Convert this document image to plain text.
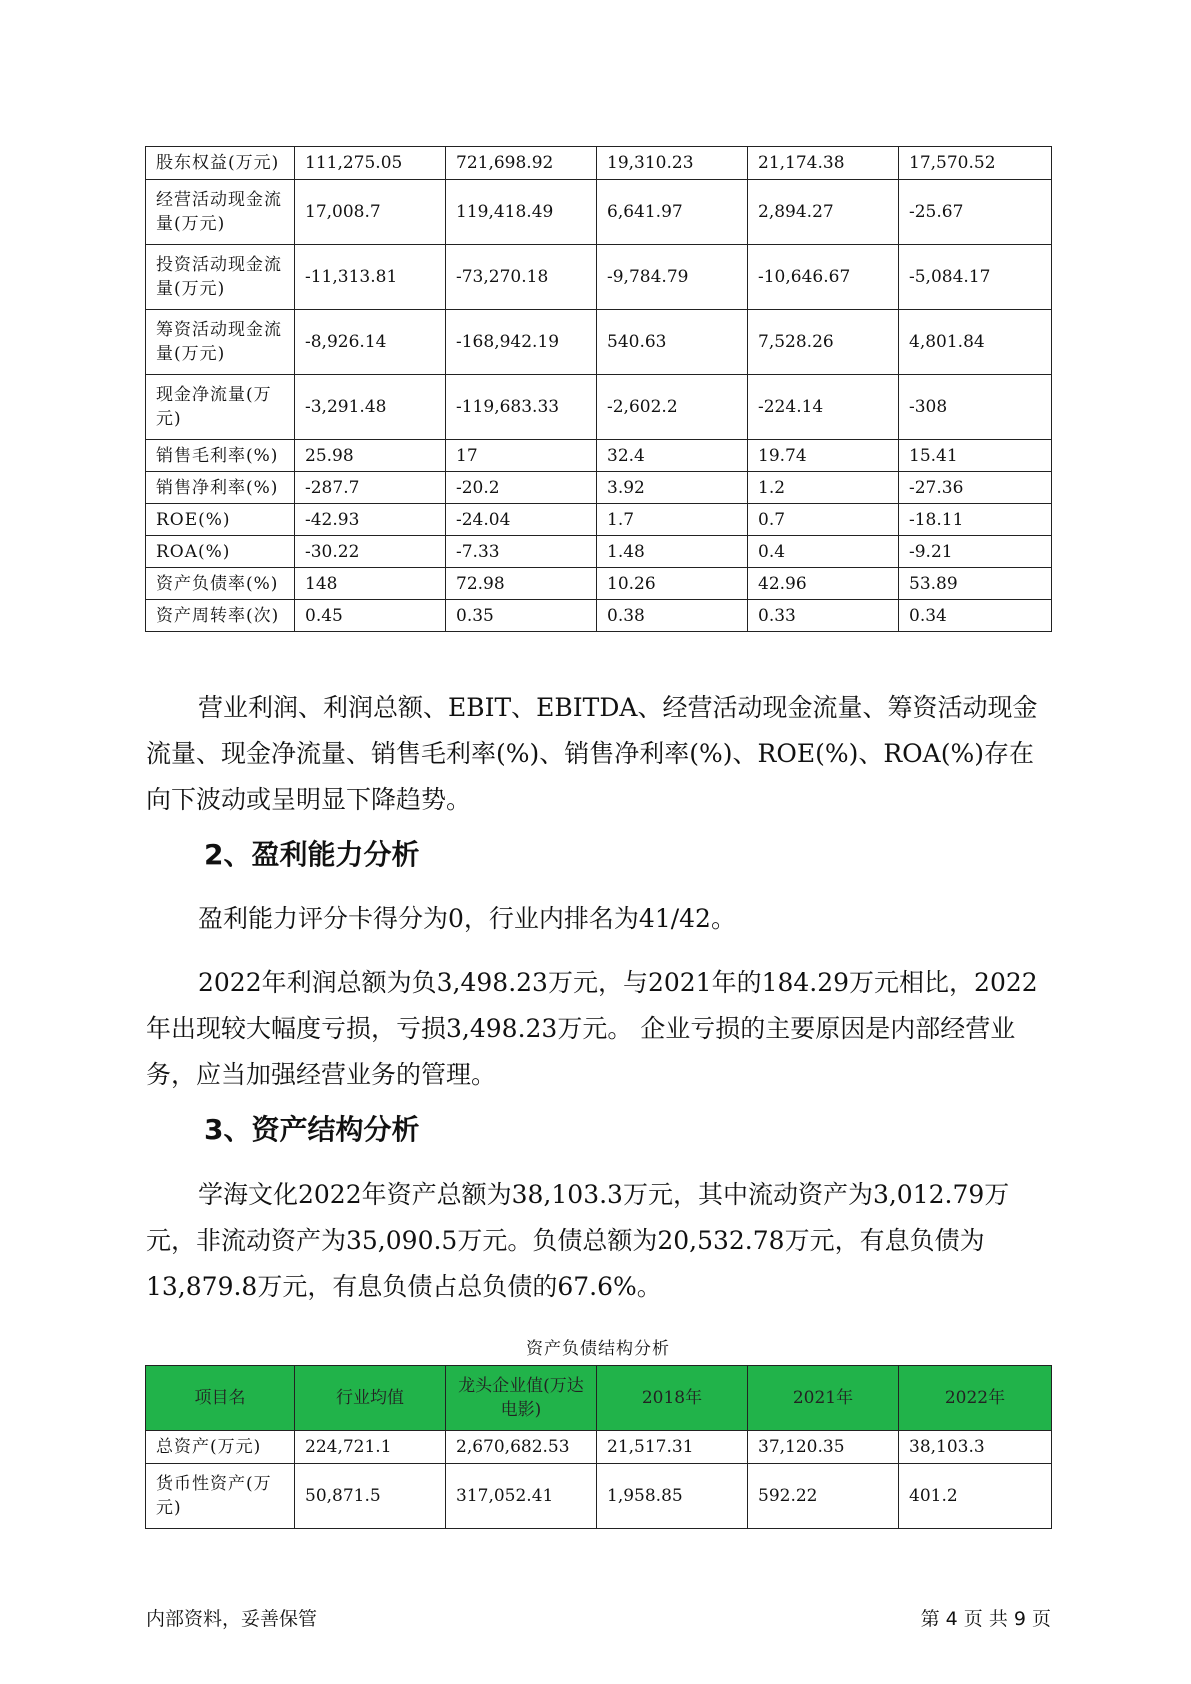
股东权益(万元)	111,275.05	721,698.92	19,310.23	21,174.38	17,570.52
经营活动现金流量(万元)	17,008.7	119,418.49	6,641.97	2,894.27	-25.67
投资活动现金流量(万元)	-11,313.81	-73,270.18	-9,784.79	-10,646.67	-5,084.17
筹资活动现金流量(万元)	-8,926.14	-168,942.19	540.63	7,528.26	4,801.84
现金净流量(万元)	-3,291.48	-119,683.33	-2,602.2	-224.14	-308
销售毛利率(%)	25.98	17	32.4	19.74	15.41
销售净利率(%)	-287.7	-20.2	3.92	1.2	-27.36
ROE(%)	-42.93	-24.04	1.7	0.7	-18.11
ROA(%)	-30.22	-7.33	1.48	0.4	-9.21
资产负债率(%)	148	72.98	10.26	42.96	53.89
资产周转率(次)	0.45	0.35	0.38	0.33	0.34

营业利润、利润总额、EBIT、EBITDA、经营活动现金流量、筹资活动现金流量、现金净流量、销售毛利率(%)、销售净利率(%)、ROE(%)、ROA(%)存在向下波动或呈明显下降趋势。

2、盈利能力分析

盈利能力评分卡得分为0，行业内排名为41/42。

2022年利润总额为负3,498.23万元，与2021年的184.29万元相比，2022年出现较大幅度亏损，亏损3,498.23万元。 企业亏损的主要原因是内部经营业务，应当加强经营业务的管理。

3、资产结构分析

学海文化2022年资产总额为38,103.3万元，其中流动资产为3,012.79万元，非流动资产为35,090.5万元。负债总额为20,532.78万元，有息负债为13,879.8万元，有息负债占总负债的67.6%。

资产负债结构分析
项目名	行业均值	龙头企业值(万达电影)	2018年	2021年	2022年
总资产(万元)	224,721.1	2,670,682.53	21,517.31	37,120.35	38,103.3
货币性资产(万元)	50,871.5	317,052.41	1,958.85	592.22	401.2
内部资料，妥善保管	第 4 页 共 9 页
